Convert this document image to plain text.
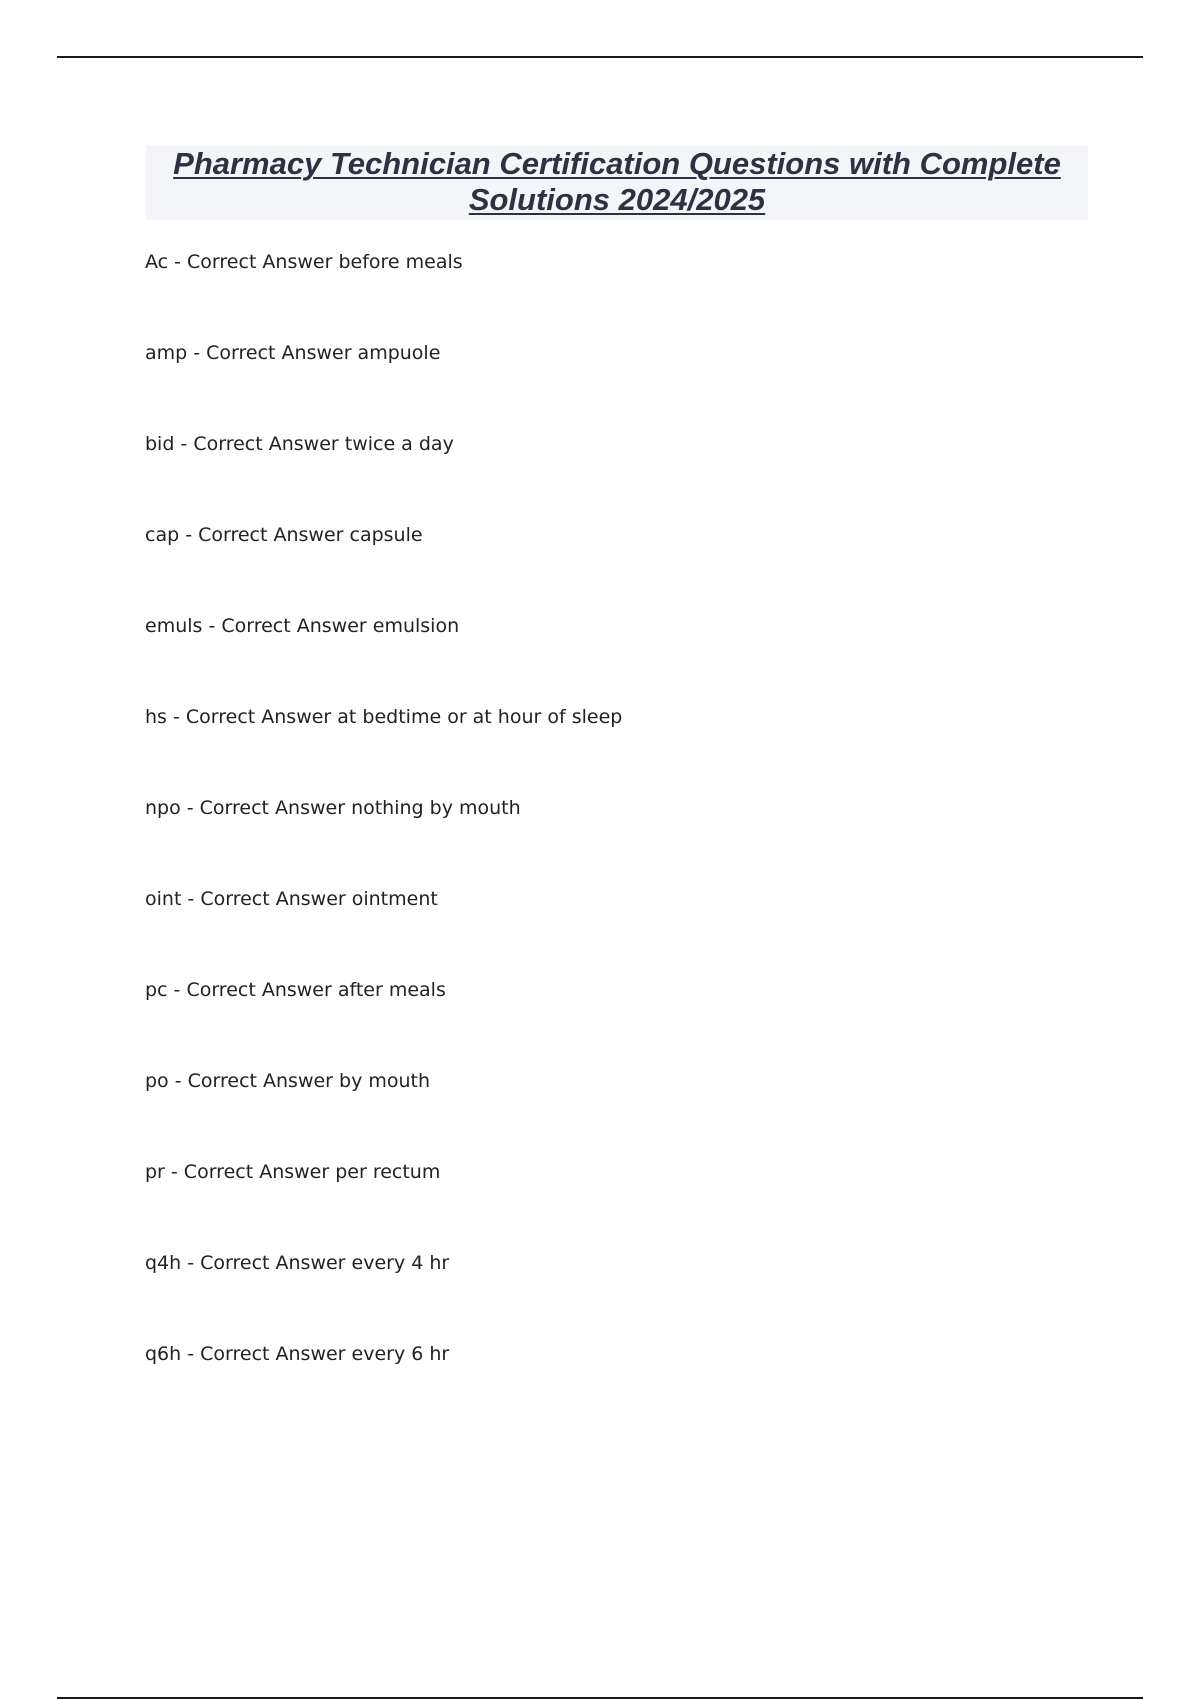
Pharmacy Technician Certification Questions with Complete Solutions 2024/2025
Ac - Correct Answer before meals
amp - Correct Answer ampuole
bid - Correct Answer twice a day
cap - Correct Answer capsule
emuls - Correct Answer emulsion
hs - Correct Answer at bedtime or at hour of sleep
npo - Correct Answer nothing by mouth
oint - Correct Answer ointment
pc - Correct Answer after meals
po - Correct Answer by mouth
pr - Correct Answer per rectum
q4h - Correct Answer every 4 hr
q6h - Correct Answer every 6 hr
